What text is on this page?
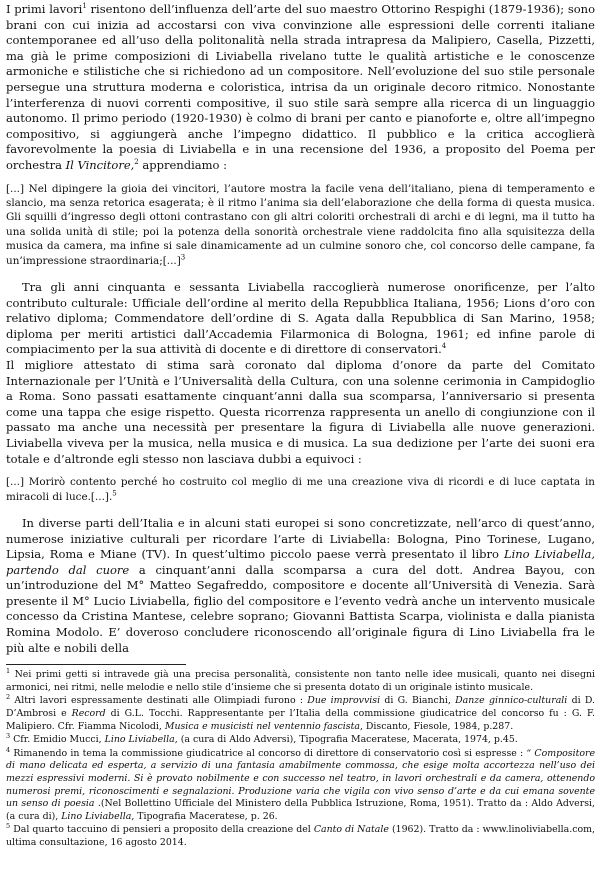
I primi lavori$^1$ risentono dell’influenza dell’arte del suo maestro Ottorino Respighi (1879-1936); sono brani con cui inizia ad accostarsi con viva convinzione alle espressioni delle correnti italiane contemporanee ed all’uso della politonalità nella strada intrapresa da Malipiero, Casella, Pizzetti, ma già le prime composizioni di Liviabella rivelano tutte le qualità artistiche e le conoscenze armoniche e stilistiche che si richiedono ad un compositore. Nell’evoluzione del suo stile personale persegue una struttura moderna e coloristica, intrisa da un originale decoro ritmico. Nonostante l’interferenza di nuovi correnti compositive, il suo stile sarà sempre alla ricerca di un linguaggio autonomo. Il primo periodo (1920-1930) è colmo di brani per canto e pianoforte e, oltre all’impegno compositivo, si aggiungerà anche l’impegno didattico. Il pubblico e la critica accoglierà favorevolmente la poesia di Liviabella e in una recensione del 1936, a proposito del Poema per orchestra Il Vincitore,$^2$ apprendiamo :

[...] Nel dipingere la gioia dei vincitori, l’autore mostra la facile vena dell’italiano, piena di temperamento e slancio, ma senza retorica esagerata; è il ritmo l’anima sia dell’elaborazione che della forma di questa musica. Gli squilli d’ingresso degli ottoni contrastano con gli altri coloriti orchestrali di archi e di legni, ma il tutto ha una solida unità di stile; poi la potenza della sonorità orchestrale viene raddolcita fino alla squisitezza della musica da camera, ma infine si sale dinamicamente ad un culmine sonoro che, col concorso delle campane, fa un’impressione straordinaria;[...]$^3$

Tra gli anni cinquanta e sessanta Liviabella raccoglierà numerose onorificenze, per l’alto contributo culturale: Ufficiale dell’ordine al merito della Repubblica Italiana, 1956; Lions d’oro con relativo diploma; Commendatore dell’ordine di S. Agata dalla Repubblica di San Marino, 1958; diploma per meriti artistici dall’Accademia Filarmonica di Bologna, 1961; ed infine parole di compiacimento per la sua attività di docente e di direttore di conservatori.$^4$

Il migliore attestato di stima sarà coronato dal diploma d’onore da parte del Comitato Internazionale per l’Unità e l’Universalità della Cultura, con una solenne cerimonia in Campidoglio a Roma. Sono passati esattamente cinquant’anni dalla sua scomparsa, l’anniversario si presenta come una tappa che esige rispetto. Questa ricorrenza rappresenta un anello di congiunzione con il passato ma anche una necessità per presentare la figura di Liviabella alle nuove generazioni. Liviabella viveva per la musica, nella musica e di musica. La sua dedizione per l’arte dei suoni era totale e d’altronde egli stesso non lasciava dubbi a equivoci :

[...] Morirò contento perché ho costruito col meglio di me una creazione viva di ricordi e di luce captata in miracoli di luce.[...].$^5$

In diverse parti dell’Italia e in alcuni stati europei si sono concretizzate, nell’arco di quest’anno, numerose iniziative culturali per ricordare l’arte di Liviabella: Bologna, Pino Torinese, Lugano, Lipsia, Roma e Miane (TV). In quest’ultimo piccolo paese verrà presentato il libro Lino Liviabella, partendo dal cuore a cinquant’anni dalla scomparsa a cura del dott. Andrea Bayou, con un’introduzione del M° Matteo Segafreddo, compositore e docente all’Università di Venezia. Sarà presente il M° Lucio Liviabella, figlio del compositore e l’evento vedrà anche un intervento musicale concesso da Cristina Mantese, celebre soprano; Giovanni Battista Scarpa, violinista e dalla pianista Romina Modolo. E’ doveroso concludere riconoscendo all’originale figura di Lino Liviabella fra le più alte e nobili della

$^1$ Nei primi getti si intravede già una precisa personalità, consistente non tanto nelle idee musicali, quanto nei disegni armonici, nei ritmi, nelle melodie e nello stile d’insieme che si presenta dotato di un originale istinto musicale.

$^2$ Altri lavori espressamente destinati alle Olimpiadi furono : Due improvvisi di G. Bianchi, Danze ginnico-culturali di D. D’Ambrosi e Record di G.L. Tocchi. Rappresentante per l’Italia della commissione giudicatrice del concorso fu : G. F. Malipiero. Cfr. Fiamma Nicolodi, Musica e musicisti nel ventennio fascista, Discanto, Fiesole, 1984, p.287.

$^3$ Cfr. Emidio Mucci, Lino Liviabella, (a cura di Aldo Adversi), Tipografia Maceratese, Macerata, 1974, p.45.

$^4$ Rimanendo in tema la commissione giudicatrice al concorso di direttore di conservatorio così si espresse : “ Compositore di mano delicata ed esperta, a servizio di una fantasia amabilmente commossa, che esige molta accortezza nell’uso dei mezzi espressivi moderni. Si è provato nobilmente e con successo nel teatro, in lavori orchestrali e da camera, ottenendo numerosi premi, riconoscimenti e segnalazioni. Produzione varia che vigila con vivo senso d’arte e da cui emana sovente un senso di poesia .(Nel Bollettino Ufficiale del Ministero della Pubblica Istruzione, Roma, 1951). Tratto da : Aldo Adversi, (a cura di), Lino Liviabella, Tipografia Maceratese, p. 26.

$^5$ Dal quarto taccuino di pensieri a proposito della creazione del Canto di Natale (1962). Tratto da : www.linoliviabella.com, ultima consultazione, 16 agosto 2014.
